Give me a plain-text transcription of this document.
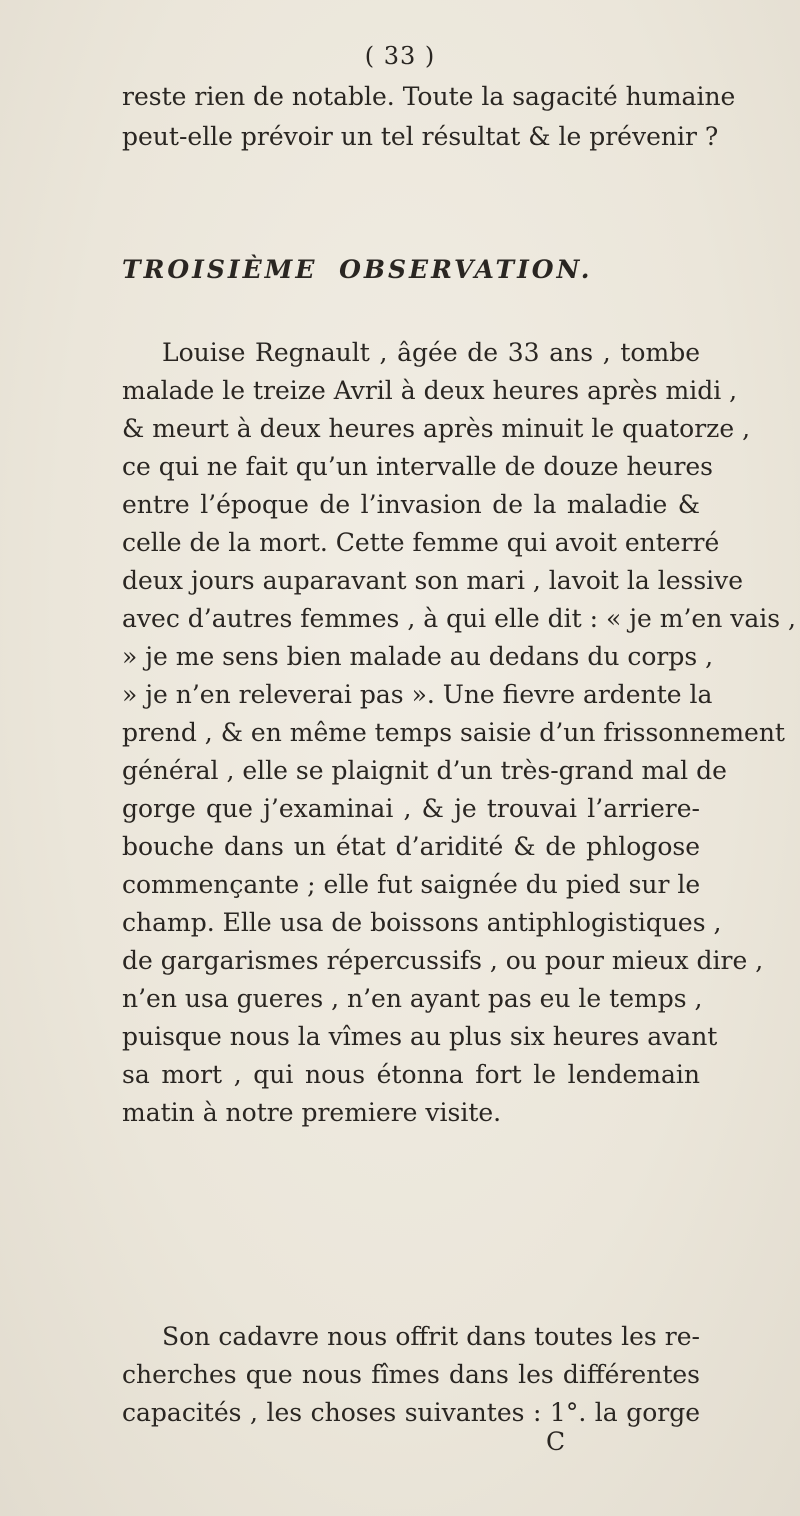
( 33 )
reste rien de notable. Toute la sagacité humaine
peut-elle prévoir un tel résultat & le prévenir ?
TROISIÈME OBSERVATION.
Louise Regnault , âgée de 33 ans , tombe
malade le treize Avril à deux heures après midi ,
& meurt à deux heures après minuit le quatorze ,
ce qui ne fait qu’un intervalle de douze heures
entre l’époque de l’invasion de la maladie &
celle de la mort. Cette femme qui avoit enterré
deux jours auparavant son mari , lavoit la lessive
avec d’autres femmes , à qui elle dit : « je m’en vais ,
» je me sens bien malade au dedans du corps ,
» je n’en releverai pas ». Une fievre ardente la
prend , & en même temps saisie d’un frissonnement
général , elle se plaignit d’un très-grand mal de
gorge que j’examinai , & je trouvai l’arriere-
bouche dans un état d’aridité & de phlogose
commençante ; elle fut saignée du pied sur le
champ. Elle usa de boissons antiphlogistiques ,
de gargarismes répercussifs , ou pour mieux dire ,
n’en usa gueres , n’en ayant pas eu le temps ,
puisque nous la vîmes au plus six heures avant
sa mort , qui nous étonna fort le lendemain
matin à notre premiere visite.
Son cadavre nous offrit dans toutes les re-
cherches que nous fîmes dans les différentes
capacités , les choses suivantes : 1°. la gorge
C
